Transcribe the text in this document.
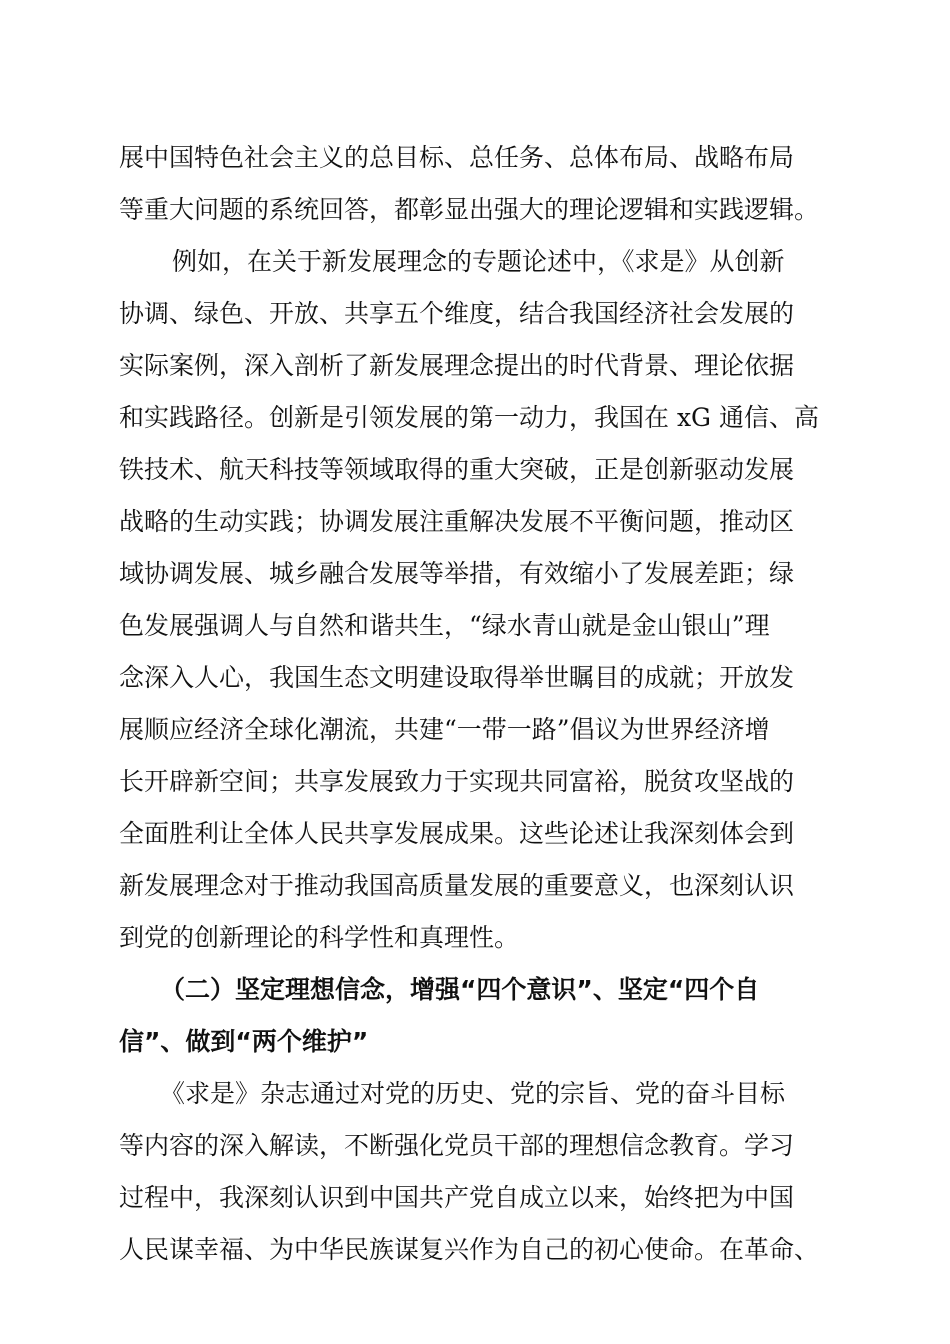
展中国特色社会主义的总目标、总任务、总体布局、战略布局
等重大问题的系统回答，都彰显出强大的理论逻辑和实践逻辑。
例如，在关于新发展理念的专题论述中，《求是》从创新
协调、绿色、开放、共享五个维度，结合我国经济社会发展的
实际案例，深入剖析了新发展理念提出的时代背景、理论依据
和实践路径。创新是引领发展的第一动力，我国在 xG 通信、高
铁技术、航天科技等领域取得的重大突破，正是创新驱动发展
战略的生动实践；协调发展注重解决发展不平衡问题，推动区
域协调发展、城乡融合发展等举措，有效缩小了发展差距；绿
色发展强调人与自然和谐共生，“绿水青山就是金山银山”理
念深入人心，我国生态文明建设取得举世瞩目的成就；开放发
展顺应经济全球化潮流，共建“一带一路”倡议为世界经济增
长开辟新空间；共享发展致力于实现共同富裕，脱贫攻坚战的
全面胜利让全体人民共享发展成果。这些论述让我深刻体会到
新发展理念对于推动我国高质量发展的重要意义，也深刻认识
到党的创新理论的科学性和真理性。
（二）坚定理想信念，增强“四个意识”、坚定“四个自
信”、做到“两个维护”
《求是》杂志通过对党的历史、党的宗旨、党的奋斗目标
等内容的深入解读，不断强化党员干部的理想信念教育。学习
过程中，我深刻认识到中国共产党自成立以来，始终把为中国
人民谋幸福、为中华民族谋复兴作为自己的初心使命。在革命、
